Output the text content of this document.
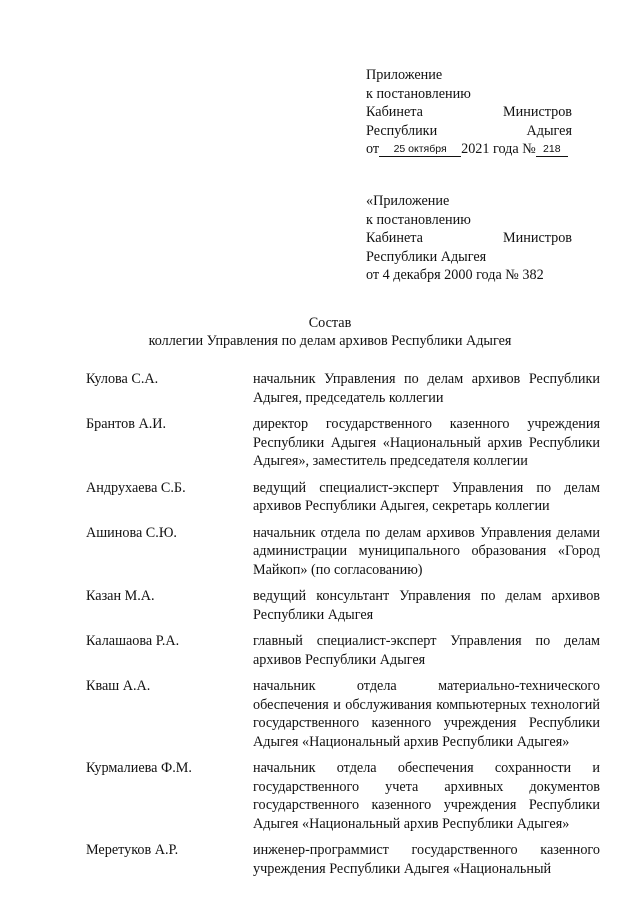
Приложение
к постановлению
Кабинета	Министров
Республики	Адыгея
от 25 октября 2021 года № 218
«Приложение
к постановлению
Кабинета	Министров
Республики Адыгея
от 4 декабря 2000 года № 382
Состав
коллегии Управления по делам архивов Республики Адыгея
Кулова С.А.	начальник Управления по делам архивов Республики Адыгея, председатель коллегии
Брантов А.И.	директор государственного казенного учреждения Республики Адыгея «Национальный архив Республики Адыгея», заместитель председателя коллегии
Андрухаева С.Б.	ведущий специалист-эксперт Управления по делам архивов Республики Адыгея, секретарь коллегии
Ашинова С.Ю.	начальник отдела по делам архивов Управления делами администрации муниципального образования «Город Майкоп» (по согласованию)
Казан М.А.	ведущий консультант Управления по делам архивов Республики Адыгея
Калашаова Р.А.	главный специалист-эксперт Управления по делам архивов Республики Адыгея
Кваш А.А.	начальник отдела материально-технического обеспечения и обслуживания компьютерных технологий государственного казенного учреждения Республики Адыгея «Национальный архив Республики Адыгея»
Курмалиева Ф.М.	начальник отдела обеспечения сохранности и государственного учета архивных документов государственного казенного учреждения Республики Адыгея «Национальный архив Республики Адыгея»
Меретуков А.Р.	инженер-программист государственного казенного учреждения Республики Адыгея «Национальный
